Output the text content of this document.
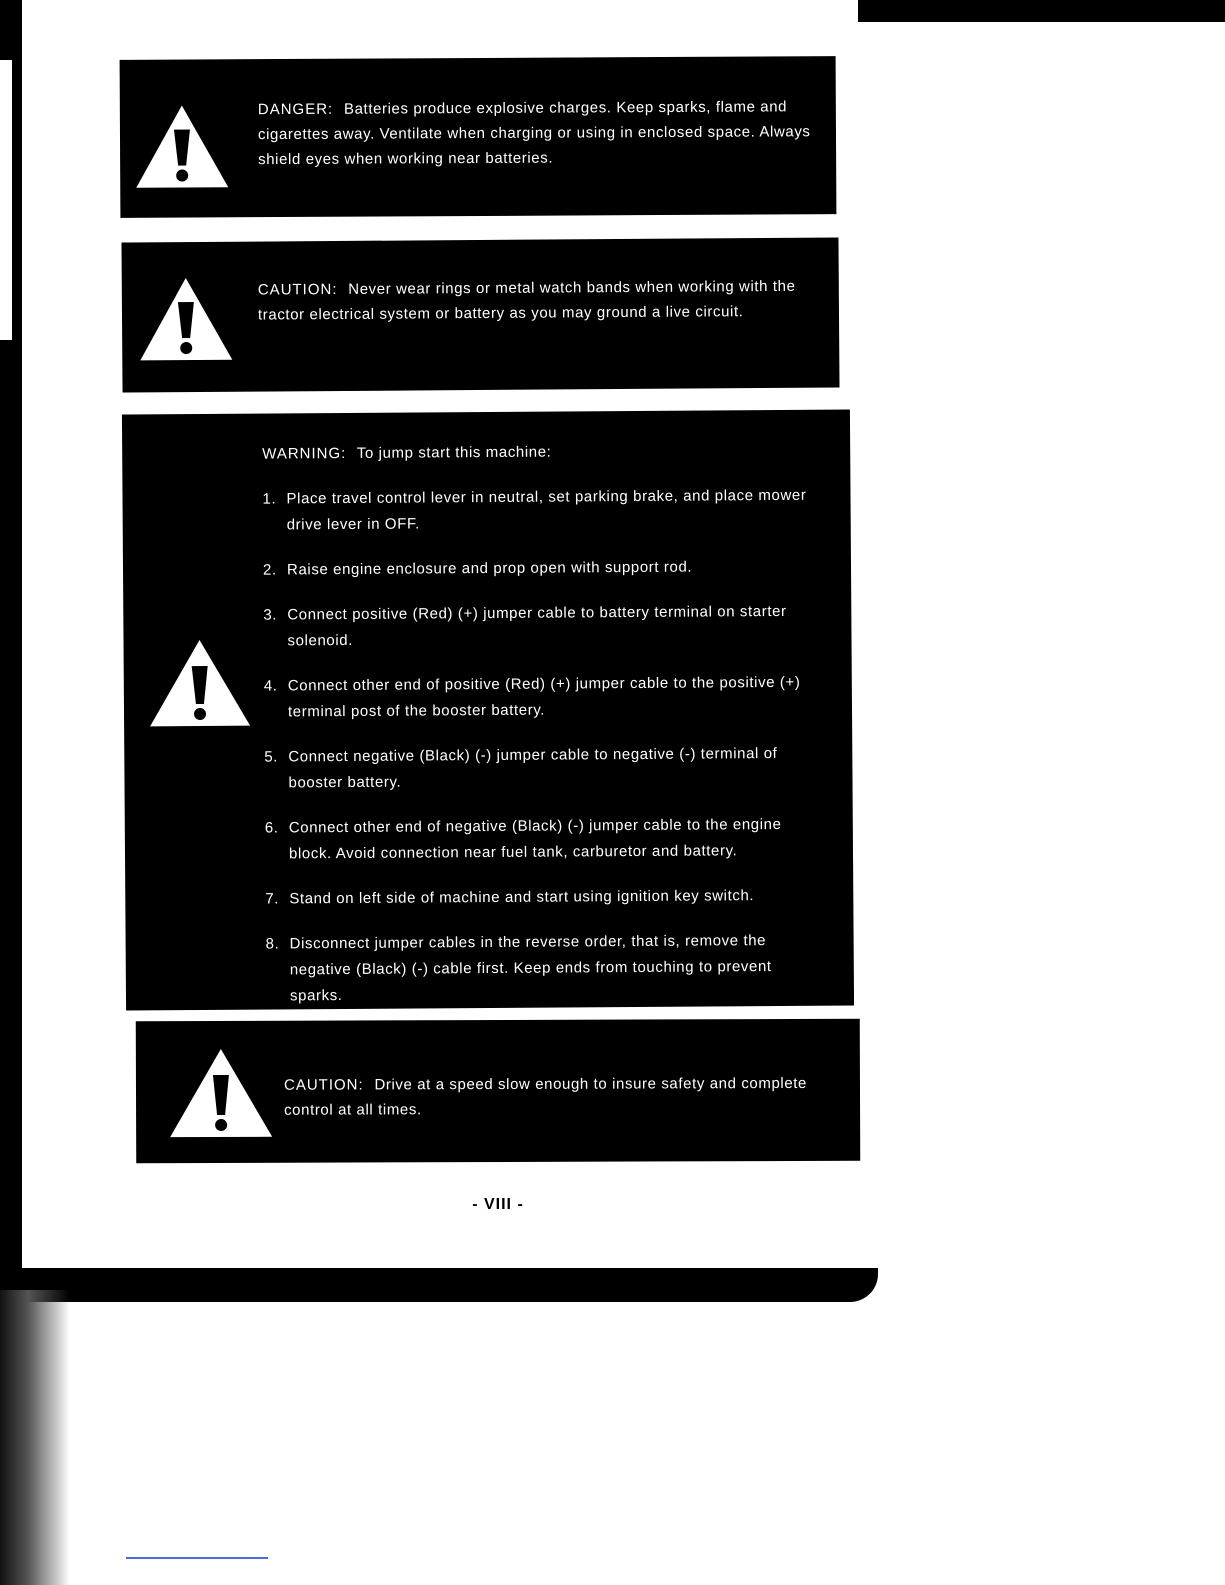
DANGER: Batteries produce explosive charges. Keep sparks, flame and cigarettes away. Ventilate when charging or using in enclosed space. Always shield eyes when working near batteries.
CAUTION: Never wear rings or metal watch bands when working with the tractor electrical system or battery as you may ground a live circuit.
WARNING: To jump start this machine:
1. Place travel control lever in neutral, set parking brake, and place mower drive lever in OFF.
2. Raise engine enclosure and prop open with support rod.
3. Connect positive (Red) (+) jumper cable to battery terminal on starter solenoid.
4. Connect other end of positive (Red) (+) jumper cable to the positive (+) terminal post of the booster battery.
5. Connect negative (Black) (-) jumper cable to negative (-) terminal of booster battery.
6. Connect other end of negative (Black) (-) jumper cable to the engine block. Avoid connection near fuel tank, carburetor and battery.
7. Stand on left side of machine and start using ignition key switch.
8. Disconnect jumper cables in the reverse order, that is, remove the negative (Black) (-) cable first. Keep ends from touching to prevent sparks.
CAUTION: Drive at a speed slow enough to insure safety and complete control at all times.
- VIII -
